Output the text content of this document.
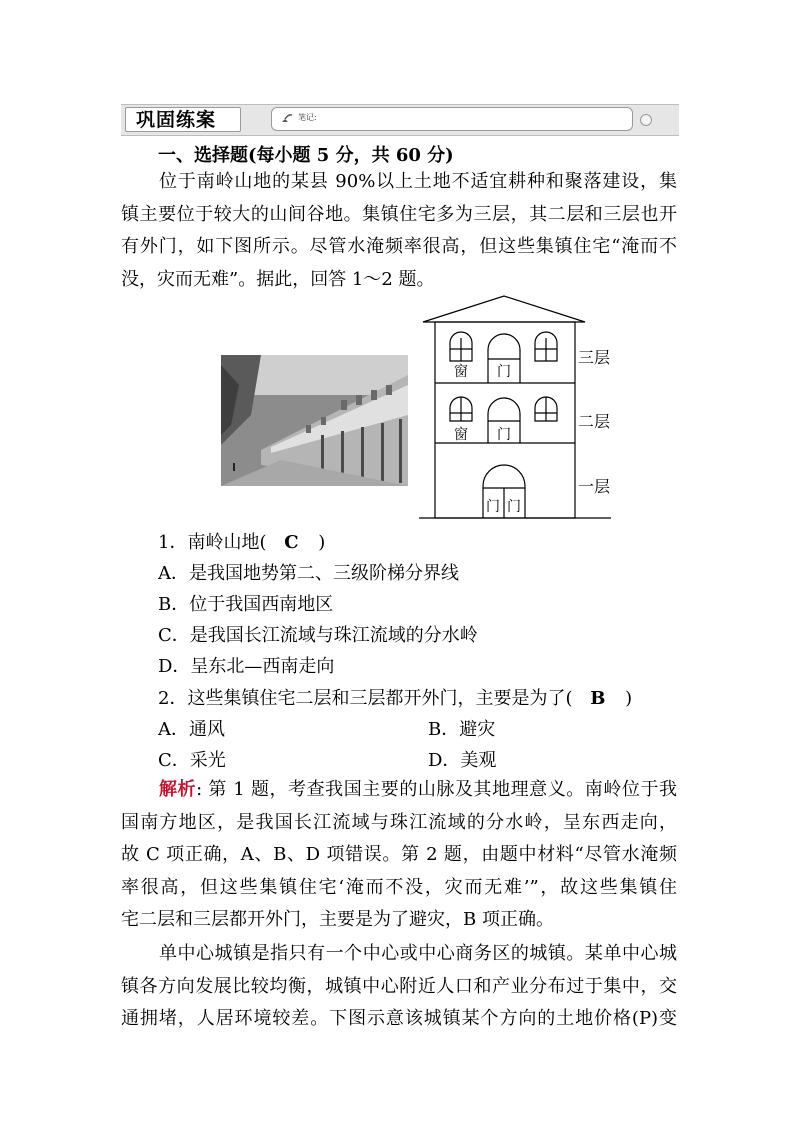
巩固练案	笔记:
一、选择题(每小题 5 分，共 60 分)
位于南岭山地的某县 90%以上土地不适宜耕种和聚落建设，集
镇主要位于较大的山间谷地。集镇住宅多为三层，其二层和三层也开
有外门，如下图所示。尽管水淹频率很高，但这些集镇住宅“淹而不
没，灾而无难”。据此，回答 1～2 题。
窗 门
窗 门
门 门
三层
二层
一层
1．南岭山地( C )
A．是我国地势第二、三级阶梯分界线
B．位于我国西南地区
C．是我国长江流域与珠江流域的分水岭
D．呈东北—西南走向
2．这些集镇住宅二层和三层都开外门，主要是为了( B )
A．通风	B．避灾
C．采光	D．美观
解析: 第 1 题，考查我国主要的山脉及其地理意义。南岭位于我
国南方地区，是我国长江流域与珠江流域的分水岭，呈东西走向，
故 C 项正确，A、B、D 项错误。第 2 题，由题中材料“尽管水淹频
率很高，但这些集镇住宅‘淹而不没，灾而无难’”，故这些集镇住
宅二层和三层都开外门，主要是为了避灾，B 项正确。
单中心城镇是指只有一个中心或中心商务区的城镇。某单中心城
镇各方向发展比较均衡，城镇中心附近人口和产业分布过于集中，交
通拥堵，人居环境较差。下图示意该城镇某个方向的土地价格(P)变
